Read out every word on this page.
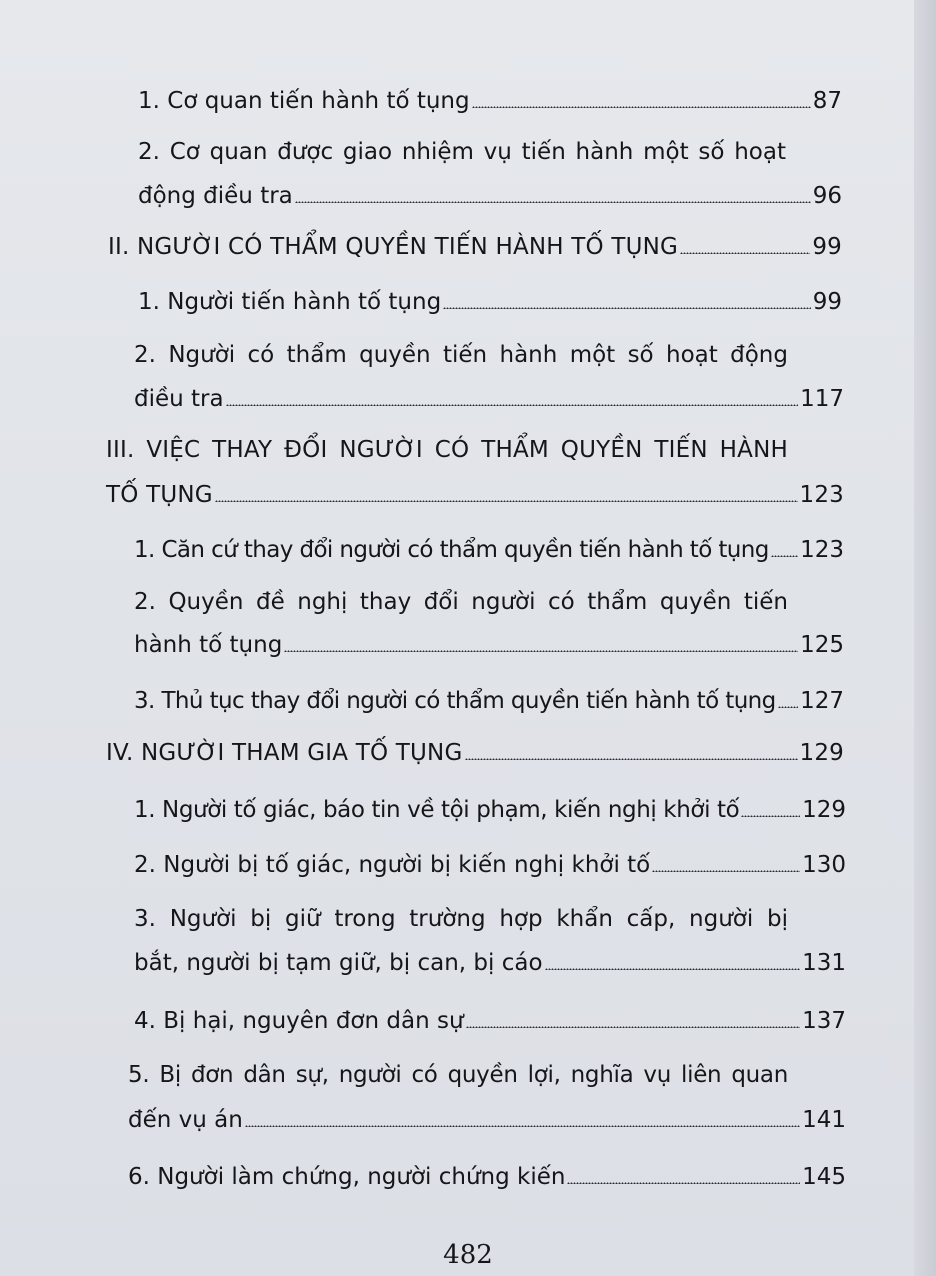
1. Cơ quan tiến hành tố tụng	87
2. Cơ quan được giao nhiệm vụ tiến hành một số hoạt
động điều tra	96
II. NGƯỜI CÓ THẨM QUYỀN TIẾN HÀNH TỐ TỤNG	99
1. Người tiến hành tố tụng	99
2. Người có thẩm quyền tiến hành một số hoạt động
điều tra	117
III. VIỆC THAY ĐỔI NGƯỜI CÓ THẨM QUYỀN TIẾN HÀNH
TỐ TỤNG	123
1. Căn cứ thay đổi người có thẩm quyền tiến hành tố tụng 123
2. Quyền đề nghị thay đổi người có thẩm quyền tiến
hành tố tụng	125
3. Thủ tục thay đổi người có thẩm quyền tiến hành tố tụng 127
IV. NGƯỜI THAM GIA TỐ TỤNG	129
1. Người tố giác, báo tin về tội phạm, kiến nghị khởi tố	129
2. Người bị tố giác, người bị kiến nghị khởi tố	130
3. Người bị giữ trong trường hợp khẩn cấp, người bị
bắt, người bị tạm giữ, bị can, bị cáo	131
4. Bị hại, nguyên đơn dân sự	137
5. Bị đơn dân sự, người có quyền lợi, nghĩa vụ liên quan
đến vụ án	141
6. Người làm chứng, người chứng kiến	145
482
